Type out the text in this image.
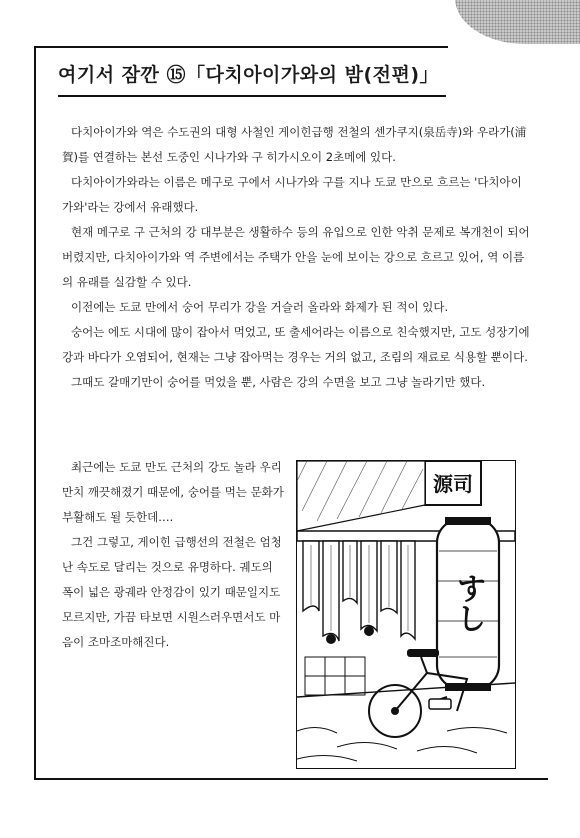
여기서 잠깐 ⑮「다치아이가와의 밤(전편)」

다치아이가와 역은 수도권의 대형 사철인 게이힌급행 전철의 센가쿠지(泉岳寺)와 우라가(浦賀)를 연결하는 본선 도중인 시나가와 구 히가시오이 2초메에 있다.

다치아이가와라는 이름은 메구로 구에서 시나가와 구를 지나 도쿄 만으로 흐르는 '다치아이가와'라는 강에서 유래했다.

현재 메구로 구 근처의 강 대부분은 생활하수 등의 유입으로 인한 악취 문제로 복개천이 되어버렸지만, 다치아이가와 역 주변에서는 주택가 안을 눈에 보이는 강으로 흐르고 있어, 역 이름의 유래를 실감할 수 있다.

이전에는 도쿄 만에서 숭어 무리가 강을 거슬러 올라와 화제가 된 적이 있다.

숭어는 에도 시대에 많이 잡아서 먹었고, 또 출세어라는 이름으로 친숙했지만, 고도 성장기에 강과 바다가 오염되어, 현재는 그냥 잡아먹는 경우는 거의 없고, 조림의 재료로 식용할 뿐이다.

그때도 갈매기만이 숭어를 먹었을 뿐, 사람은 강의 수면을 보고 그냥 놀라기만 했다.

최근에는 도쿄 만도 근처의 강도 놀라 우리만치 깨끗해졌기 때문에, 숭어를 먹는 문화가 부활해도 될 듯한데….

그건 그렇고, 게이힌 급행선의 전철은 엄청난 속도로 달리는 것으로 유명하다. 궤도의 폭이 넓은 광궤라 안정감이 있기 때문일지도 모르지만, 가끔 타보면 시원스러우면서도 마음이 조마조마해진다.

源司
すし
